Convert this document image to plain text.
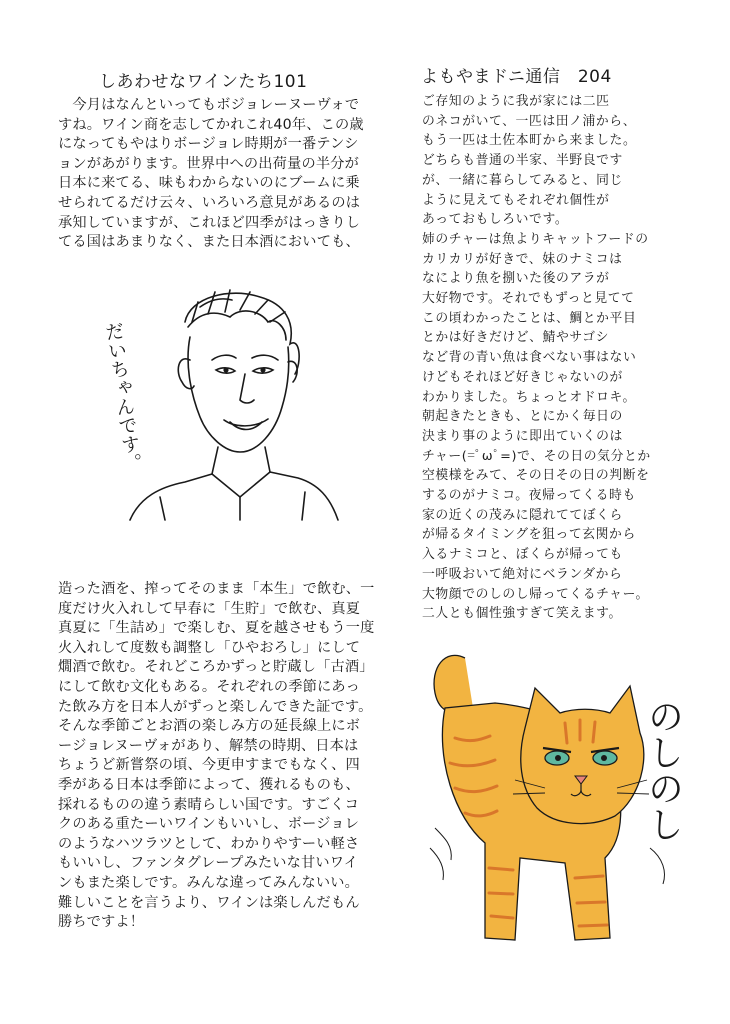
しあわせなワインたち101

　今月はなんといってもボジョレーヌーヴォで

すね。ワイン商を志してかれこれ40年、この歳

になってもやはりボージョレ時期が一番テンシ

ョンがあがります。世界中への出荷量の半分が

日本に来てる、味もわからないのにブームに乗

せられてるだけ云々、いろいろ意見があるのは

承知していますが、これほど四季がはっきりし

てる国はあまりなく、また日本酒においても、

だいちゃんです。

造った酒を、搾ってそのまま「本生」で飲む、一

度だけ火入れして早春に「生貯」で飲む、真夏

真夏に「生詰め」で楽しむ、夏を越させもう一度

火入れして度数も調整し「ひやおろし」にして

燗酒で飲む。それどころかずっと貯蔵し「古酒」

にして飲む文化もある。それぞれの季節にあっ

た飲み方を日本人がずっと楽しんできた証です。

そんな季節ごとお酒の楽しみ方の延長線上にボ

ージョレヌーヴォがあり、解禁の時期、日本は

ちょうど新嘗祭の頃、今更申すまでもなく、四

季がある日本は季節によって、獲れるものも、

採れるものの違う素晴らしい国です。すごくコ

クのある重たーいワインもいいし、ボージョレ

のようなハツラツとして、わかりやすーい軽さ

もいいし、ファンタグレープみたいな甘いワイ

ンもまた楽しです。みんな違ってみんないい。

難しいことを言うより、ワインは楽しんだもん

勝ちですよ！

よもやまドニ通信　204

ご存知のように我が家には二匹

のネコがいて、一匹は田ノ浦から、

もう一匹は土佐本町から来ました。

どちらも普通の半家、半野良です

が、一緒に暮らしてみると、同じ

ように見えてもそれぞれ個性が

あっておもしろいです。

姉のチャーは魚よりキャットフードの

カリカリが好きで、妹のナミコは

なにより魚を捌いた後のアラが

大好物です。それでもずっと見てて

この頃わかったことは、鯛とか平目

とかは好きだけど、鯖やサゴシ

など背の青い魚は食べない事はない

けどもそれほど好きじゃないのが

わかりました。ちょっとオドロキ。

朝起きたときも、とにかく毎日の

決まり事のように即出ていくのは

チャー(=ﾟωﾟ=)で、その日の気分とか

空模様をみて、その日その日の判断を

するのがナミコ。夜帰ってくる時も

家の近くの茂みに隠れててぼくら

が帰るタイミングを狙って玄関から

入るナミコと、ぼくらが帰っても

一呼吸おいて絶対にベランダから

大物顔でのしのし帰ってくるチャー。

二人とも個性強すぎて笑えます。

のしのし
